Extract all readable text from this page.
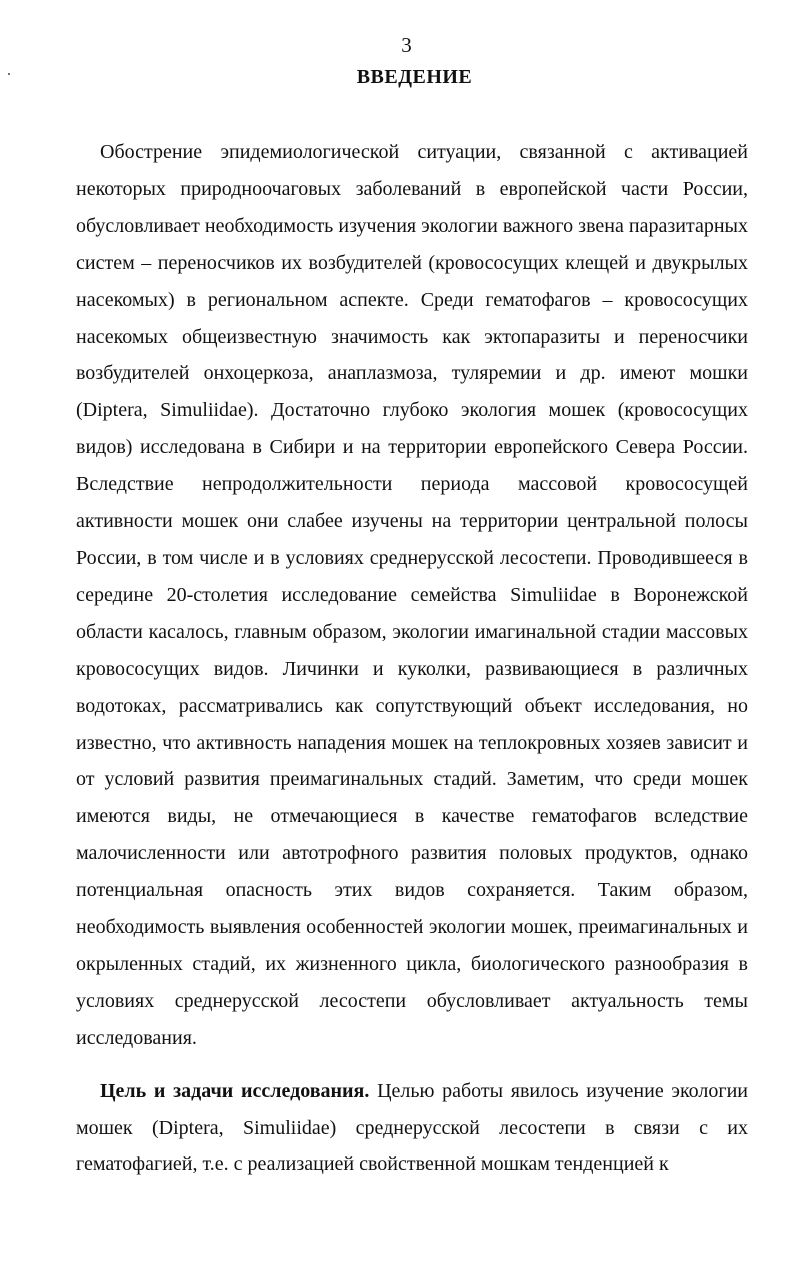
3
ВВЕДЕНИЕ

Обострение эпидемиологической ситуации, связанной с активацией некоторых природноочаговых заболеваний в европейской части России, обусловливает необходимость изучения экологии важного звена паразитарных систем – переносчиков их возбудителей (кровососущих клещей и двукрылых насекомых) в региональном аспекте. Среди гематофагов – кровососущих насекомых общеизвестную значимость как эктопаразиты и переносчики возбудителей онхоцеркоза, анаплазмоза, туляремии и др. имеют мошки (Diptera, Simuliidae). Достаточно глубоко экология мошек (кровососущих видов) исследована в Сибири и на территории европейского Севера России. Вследствие непродолжительности периода массовой кровососущей активности мошек они слабее изучены на территории центральной полосы России, в том числе и в условиях среднерусской лесостепи. Проводившееся в середине 20-столетия исследование семейства Simuliidae в Воронежской области касалось, главным образом, экологии имагинальной стадии массовых кровососущих видов. Личинки и куколки, развивающиеся в различных водотоках, рассматривались как сопутствующий объект исследования, но известно, что активность нападения мошек на теплокровных хозяев зависит и от условий развития преимагинальных стадий. Заметим, что среди мошек имеются виды, не отмечающиеся в качестве гематофагов вследствие малочисленности или автотрофного развития половых продуктов, однако потенциальная опасность этих видов сохраняется. Таким образом, необходимость выявления особенностей экологии мошек, преимагинальных и окрыленных стадий, их жизненного цикла, биологического разнообразия в условиях среднерусской лесостепи обусловливает актуальность темы исследования.

Цель и задачи исследования. Целью работы явилось изучение экологии мошек (Diptera, Simuliidae) среднерусской лесостепи в связи с их гематофагией, т.е. с реализацией свойственной мошкам тенденцией к
